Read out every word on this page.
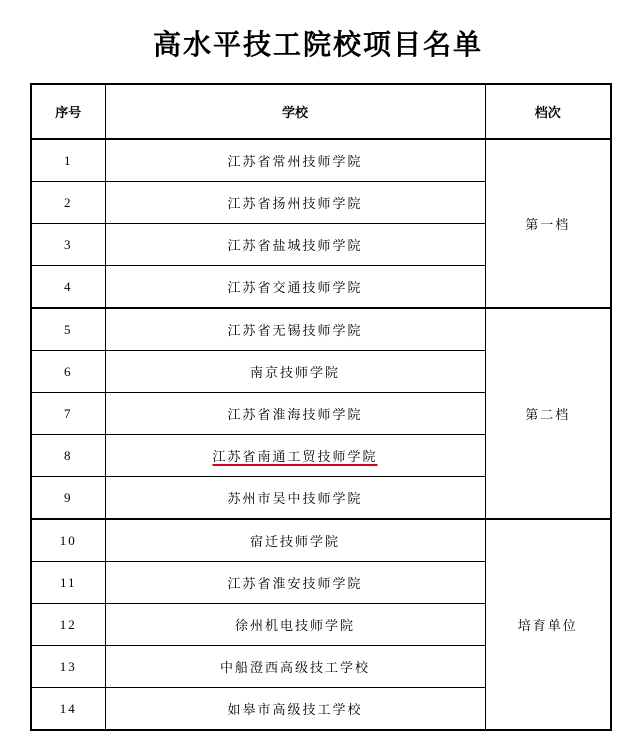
高水平技工院校项目名单
序号	学校	档次
1	江苏省常州技师学院	第一档
2	江苏省扬州技师学院	
3	江苏省盐城技师学院	
4	江苏省交通技师学院	
5	江苏省无锡技师学院	第二档
6	南京技师学院	
7	江苏省淮海技师学院	
8	江苏省南通工贸技师学院	
9	苏州市吴中技师学院	
10	宿迁技师学院	培育单位
11	江苏省淮安技师学院	
12	徐州机电技师学院	
13	中船澄西高级技工学校	
14	如皋市高级技工学校	
